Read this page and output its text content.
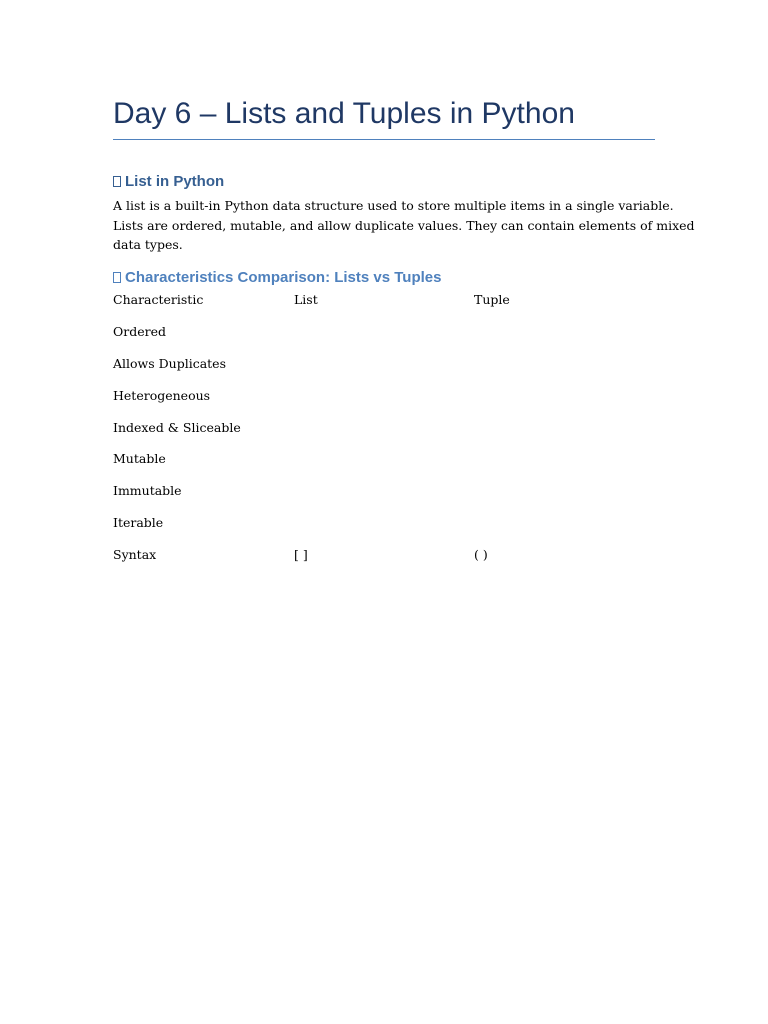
Day 6 – Lists and Tuples in Python
List in Python
A list is a built-in Python data structure used to store multiple items in a single variable.
Lists are ordered, mutable, and allow duplicate values. They can contain elements of mixed
data types.
Characteristics Comparison: Lists vs Tuples
Characteristic	List	Tuple
Ordered
Allows Duplicates
Heterogeneous
Indexed & Sliceable
Mutable
Immutable
Iterable
Syntax	[ ]	( )
